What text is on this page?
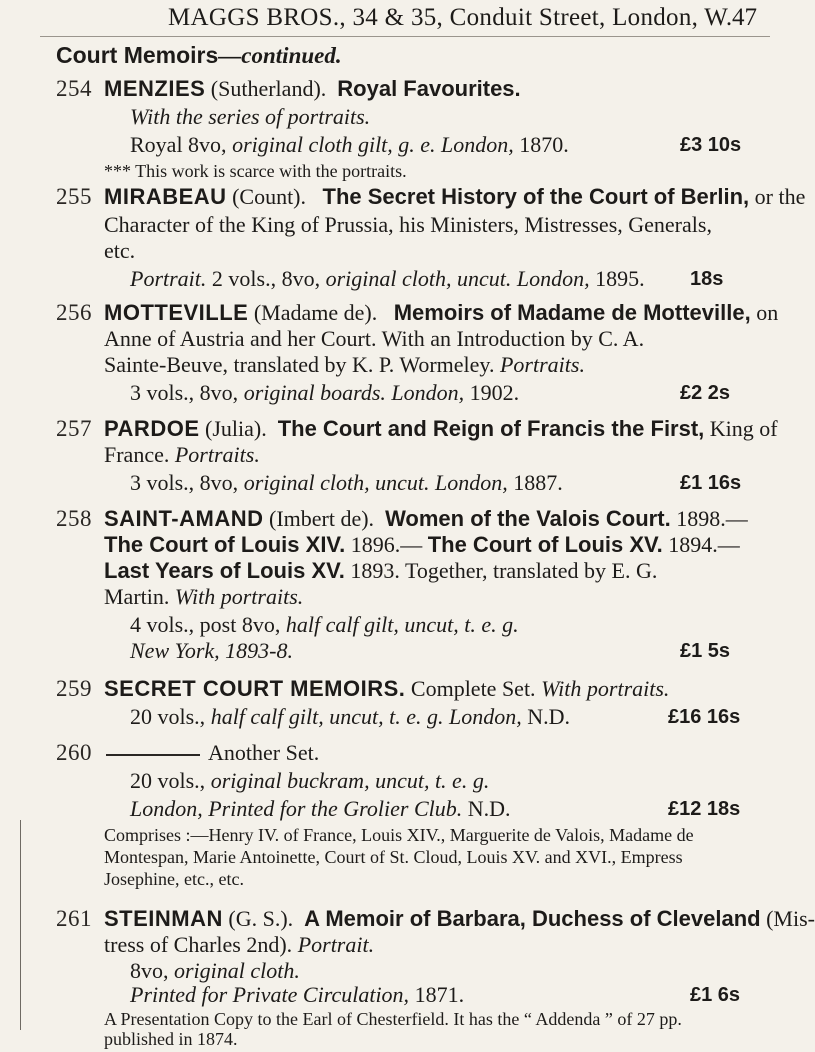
MAGGS BROS., 34 & 35, Conduit Street, London, W. 47
Court Memoirs—continued.
254 MENZIES (Sutherland). Royal Favourites.
With the series of portraits.
Royal 8vo, original cloth gilt, g. e. London, 1870.	£3 10s
*** This work is scarce with the portraits.
255 MIRABEAU (Count). The Secret History of the Court of Berlin, or the
Character of the King of Prussia, his Ministers, Mistresses, Generals,
etc.
Portrait. 2 vols., 8vo, original cloth, uncut. London, 1895. 18s
256 MOTTEVILLE (Madame de). Memoirs of Madame de Motteville, on
Anne of Austria and her Court. With an Introduction by C. A.
Sainte-Beuve, translated by K. P. Wormeley. Portraits.
3 vols., 8vo, original boards. London, 1902.	£2 2s
257 PARDOE (Julia). The Court and Reign of Francis the First, King of
France. Portraits.
3 vols., 8vo, original cloth, uncut. London, 1887.	£1 16s
258 SAINT-AMAND (Imbert de). Women of the Valois Court. 1898.—
The Court of Louis XIV. 1896.— The Court of Louis XV. 1894.—
Last Years of Louis XV. 1893. Together, translated by E. G.
Martin. With portraits.
4 vols., post 8vo, half calf gilt, uncut, t. e. g.
New York, 1893-8.	£1 5s
259 SECRET COURT MEMOIRS. Complete Set. With portraits.
20 vols., half calf gilt, uncut, t. e. g. London, N.D.	£16 16s
260	Another Set.
20 vols., original buckram, uncut, t. e. g.
London, Printed for the Grolier Club. N.D.	£12 18s
Comprises :—Henry IV. of France, Louis XIV., Marguerite de Valois, Madame de
Montespan, Marie Antoinette, Court of St. Cloud, Louis XV. and XVI., Empress
Josephine, etc., etc.
261 STEINMAN (G. S.). A Memoir of Barbara, Duchess of Cleveland (Mis-
tress of Charles 2nd). Portrait.
8vo, original cloth.
Printed for Private Circulation, 1871.	£1 6s
A Presentation Copy to the Earl of Chesterfield. It has the “ Addenda ” of 27 pp.
published in 1874.
